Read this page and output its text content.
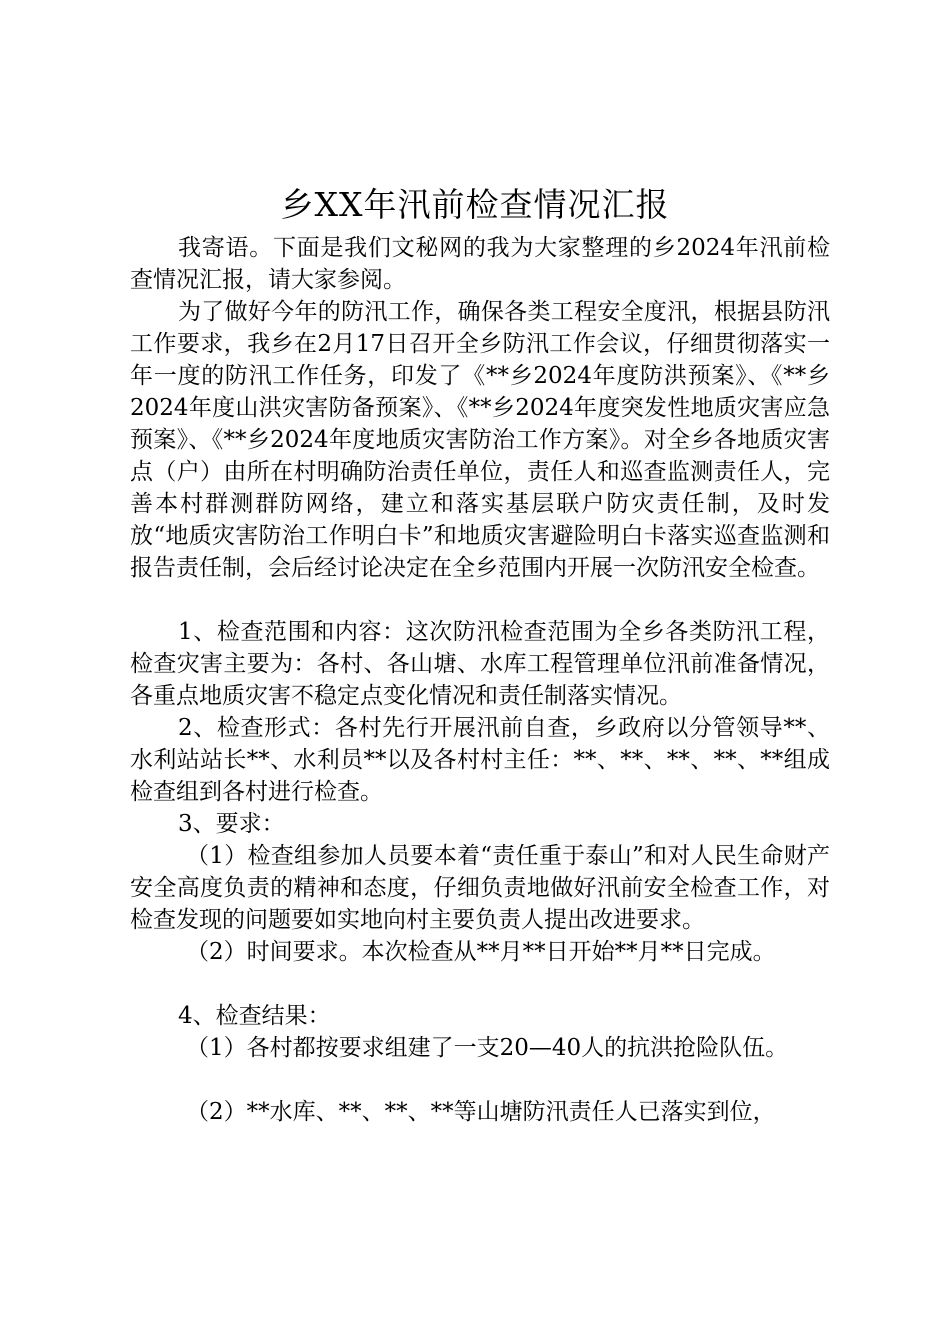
乡XX年汛前检查情况汇报

我寄语。下面是我们文秘网的我为大家整理的乡2024年汛前检查情况汇报，请大家参阅。

为了做好今年的防汛工作，确保各类工程安全度汛，根据县防汛工作要求，我乡在2月17日召开全乡防汛工作会议，仔细贯彻落实一年一度的防汛工作任务，印发了《**乡2024年度防洪预案》、《**乡2024年度山洪灾害防备预案》、《**乡2024年度突发性地质灾害应急预案》、《**乡2024年度地质灾害防治工作方案》。对全乡各地质灾害点（户）由所在村明确防治责任单位，责任人和巡查监测责任人，完善本村群测群防网络，建立和落实基层联户防灾责任制，及时发放“地质灾害防治工作明白卡”和地质灾害避险明白卡落实巡查监测和报告责任制，会后经讨论决定在全乡范围内开展一次防汛安全检查。

1、检查范围和内容：这次防汛检查范围为全乡各类防汛工程，检查灾害主要为：各村、各山塘、水库工程管理单位汛前准备情况，各重点地质灾害不稳定点变化情况和责任制落实情况。

2、检查形式：各村先行开展汛前自查，乡政府以分管领导**、水利站站长**、水利员**以及各村村主任：**、**、**、**、**组成检查组到各村进行检查。

3、要求：

（1）检查组参加人员要本着“责任重于泰山”和对人民生命财产安全高度负责的精神和态度，仔细负责地做好汛前安全检查工作，对检查发现的问题要如实地向村主要负责人提出改进要求。

（2）时间要求。本次检查从**月**日开始**月**日完成。

4、检查结果：

（1）各村都按要求组建了一支20—40人的抗洪抢险队伍。

（2）**水库、**、**、**等山塘防汛责任人已落实到位，
